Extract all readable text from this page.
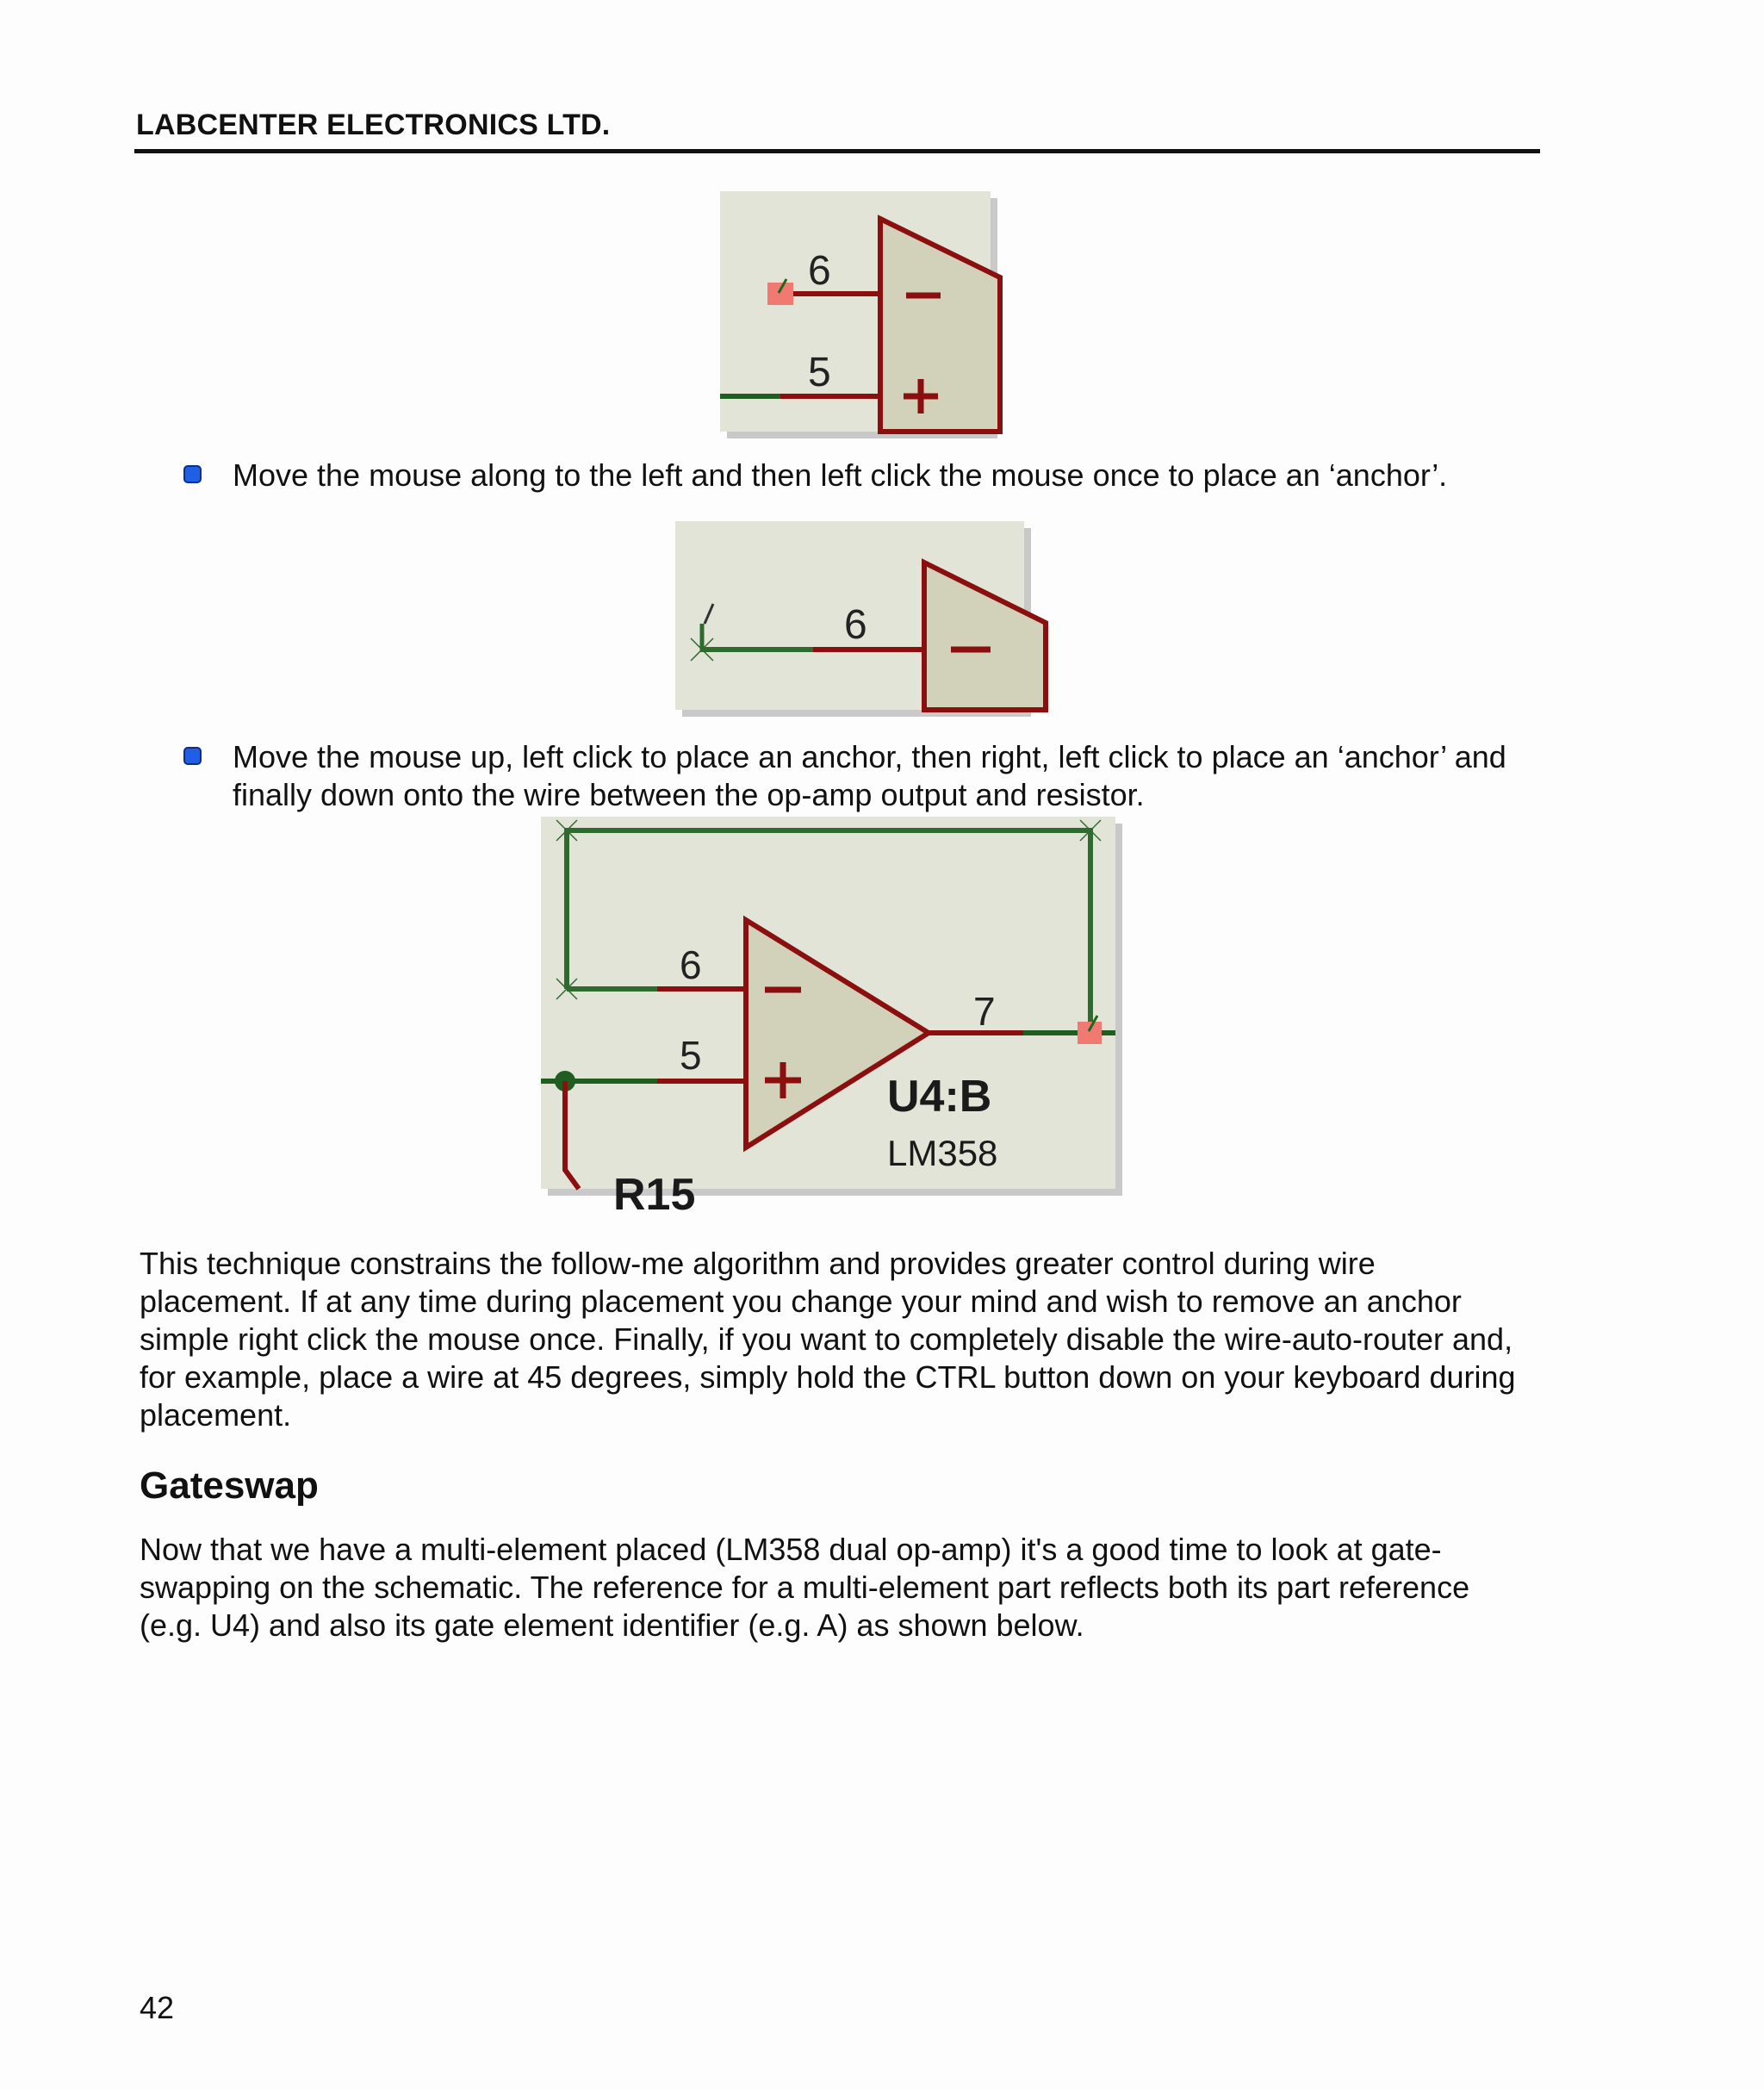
LABCENTER ELECTRONICS LTD.
6
5
Move the mouse along to the left and then left click the mouse once to place an ‘anchor’.
6
Move the mouse up, left click to place an anchor, then right, left click to place an ‘anchor’ and finally down onto the wire between the op-amp output and resistor.
6
5
7
U4:B
LM358
R15
This technique constrains the follow-me algorithm and provides greater control during wire placement. If at any time during placement you change your mind and wish to remove an anchor simple right click the mouse once. Finally, if you want to completely disable the wire-auto-router and, for example, place a wire at 45 degrees, simply hold the CTRL button down on your keyboard during placement.
Gateswap
Now that we have a multi-element placed (LM358 dual op-amp) it's a good time to look at gate-swapping on the schematic. The reference for a multi-element part reflects both its part reference (e.g. U4) and also its gate element identifier (e.g. A) as shown below.
42
